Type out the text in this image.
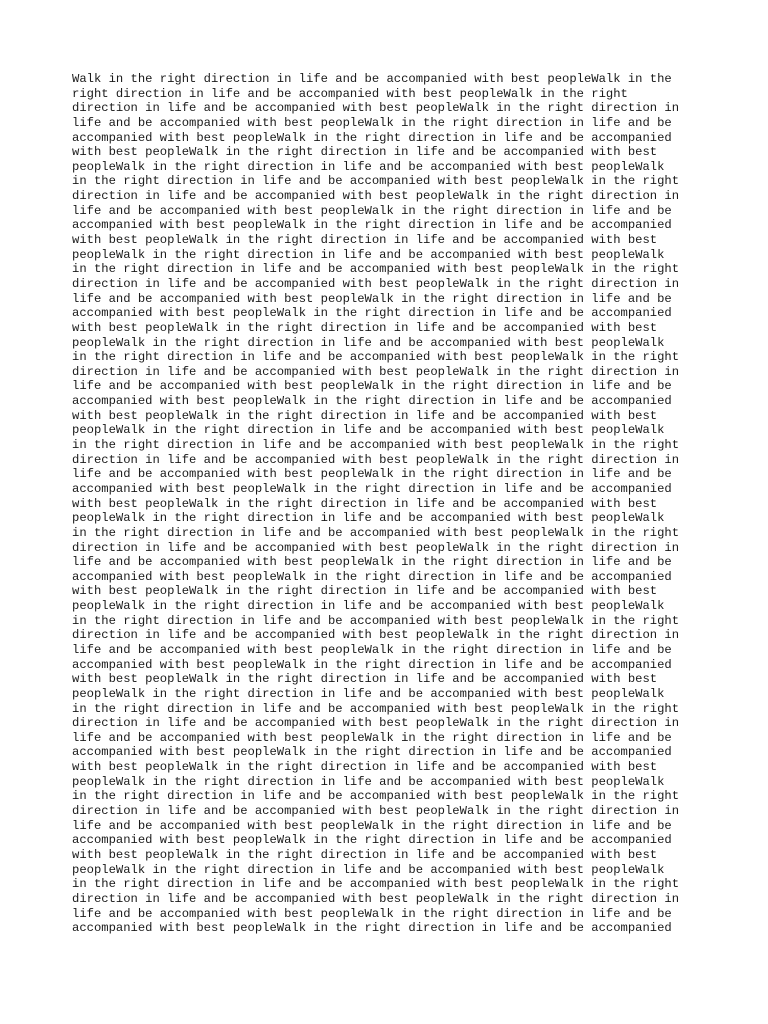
Walk in the right direction in life and be accompanied with best peopleWalk in the
right direction in life and be accompanied with best peopleWalk in the right
direction in life and be accompanied with best peopleWalk in the right direction in
life and be accompanied with best peopleWalk in the right direction in life and be
accompanied with best peopleWalk in the right direction in life and be accompanied
with best peopleWalk in the right direction in life and be accompanied with best
peopleWalk in the right direction in life and be accompanied with best peopleWalk
in the right direction in life and be accompanied with best peopleWalk in the right
direction in life and be accompanied with best peopleWalk in the right direction in
life and be accompanied with best peopleWalk in the right direction in life and be
accompanied with best peopleWalk in the right direction in life and be accompanied
with best peopleWalk in the right direction in life and be accompanied with best
peopleWalk in the right direction in life and be accompanied with best peopleWalk
in the right direction in life and be accompanied with best peopleWalk in the right
direction in life and be accompanied with best peopleWalk in the right direction in
life and be accompanied with best peopleWalk in the right direction in life and be
accompanied with best peopleWalk in the right direction in life and be accompanied
with best peopleWalk in the right direction in life and be accompanied with best
peopleWalk in the right direction in life and be accompanied with best peopleWalk
in the right direction in life and be accompanied with best peopleWalk in the right
direction in life and be accompanied with best peopleWalk in the right direction in
life and be accompanied with best peopleWalk in the right direction in life and be
accompanied with best peopleWalk in the right direction in life and be accompanied
with best peopleWalk in the right direction in life and be accompanied with best
peopleWalk in the right direction in life and be accompanied with best peopleWalk
in the right direction in life and be accompanied with best peopleWalk in the right
direction in life and be accompanied with best peopleWalk in the right direction in
life and be accompanied with best peopleWalk in the right direction in life and be
accompanied with best peopleWalk in the right direction in life and be accompanied
with best peopleWalk in the right direction in life and be accompanied with best
peopleWalk in the right direction in life and be accompanied with best peopleWalk
in the right direction in life and be accompanied with best peopleWalk in the right
direction in life and be accompanied with best peopleWalk in the right direction in
life and be accompanied with best peopleWalk in the right direction in life and be
accompanied with best peopleWalk in the right direction in life and be accompanied
with best peopleWalk in the right direction in life and be accompanied with best
peopleWalk in the right direction in life and be accompanied with best peopleWalk
in the right direction in life and be accompanied with best peopleWalk in the right
direction in life and be accompanied with best peopleWalk in the right direction in
life and be accompanied with best peopleWalk in the right direction in life and be
accompanied with best peopleWalk in the right direction in life and be accompanied
with best peopleWalk in the right direction in life and be accompanied with best
peopleWalk in the right direction in life and be accompanied with best peopleWalk
in the right direction in life and be accompanied with best peopleWalk in the right
direction in life and be accompanied with best peopleWalk in the right direction in
life and be accompanied with best peopleWalk in the right direction in life and be
accompanied with best peopleWalk in the right direction in life and be accompanied
with best peopleWalk in the right direction in life and be accompanied with best
peopleWalk in the right direction in life and be accompanied with best peopleWalk
in the right direction in life and be accompanied with best peopleWalk in the right
direction in life and be accompanied with best peopleWalk in the right direction in
life and be accompanied with best peopleWalk in the right direction in life and be
accompanied with best peopleWalk in the right direction in life and be accompanied
with best peopleWalk in the right direction in life and be accompanied with best
peopleWalk in the right direction in life and be accompanied with best peopleWalk
in the right direction in life and be accompanied with best peopleWalk in the right
direction in life and be accompanied with best peopleWalk in the right direction in
life and be accompanied with best peopleWalk in the right direction in life and be
accompanied with best peopleWalk in the right direction in life and be accompanied
